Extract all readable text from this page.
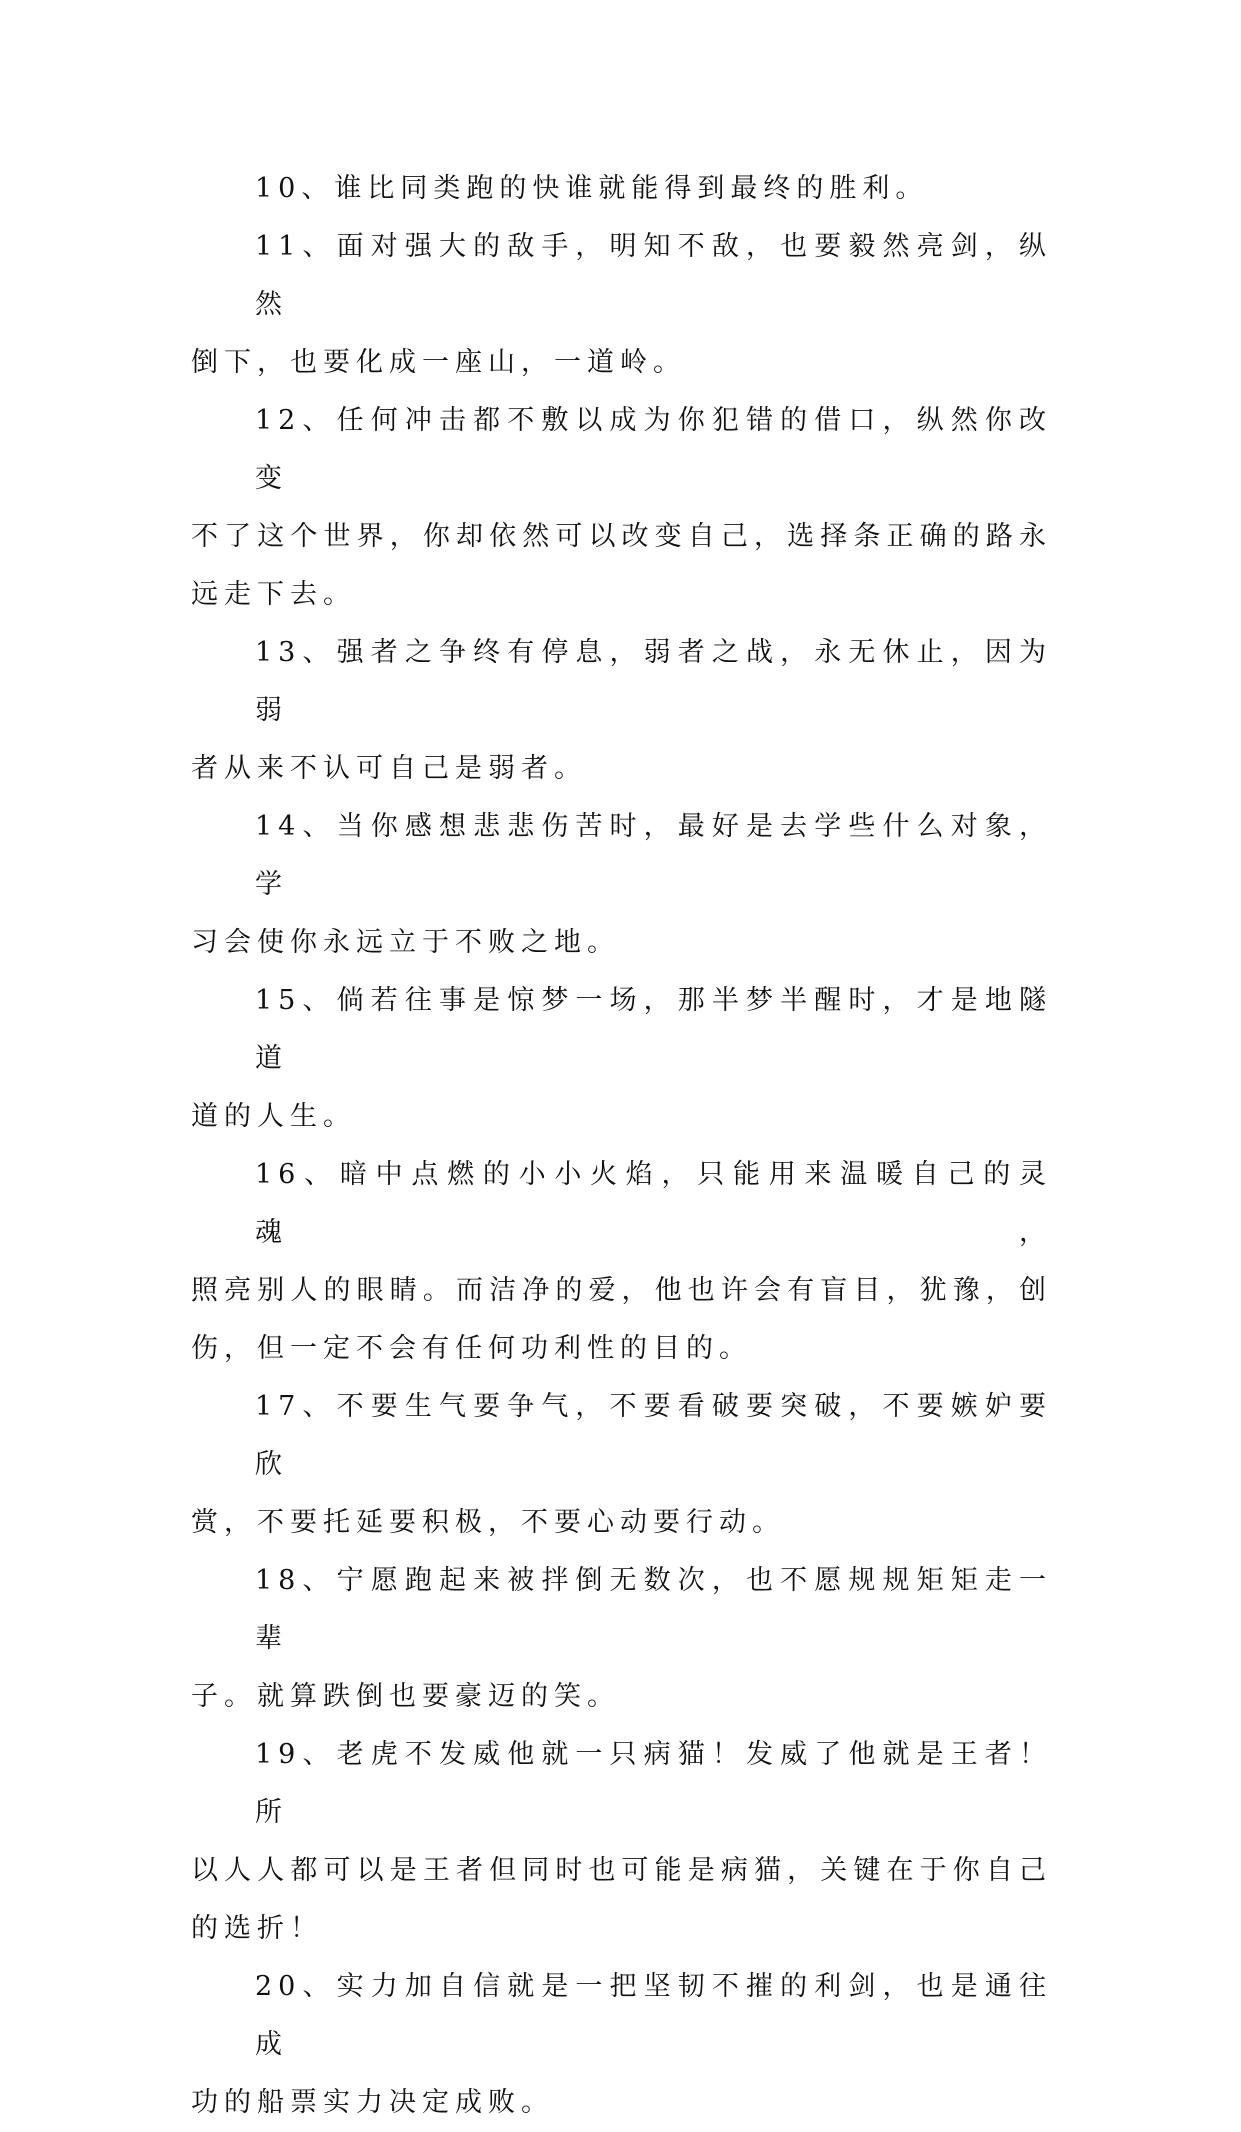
10、谁比同类跑的快谁就能得到最终的胜利。
11、面对强大的敌手，明知不敌，也要毅然亮剑，纵然
倒下，也要化成一座山，一道岭。
12、任何冲击都不敷以成为你犯错的借口，纵然你改变
不了这个世界，你却依然可以改变自己，选择条正确的路永
远走下去。
13、强者之争终有停息，弱者之战，永无休止，因为弱
者从来不认可自己是弱者。
14、当你感想悲悲伤苦时，最好是去学些什么对象，学
习会使你永远立于不败之地。
15、倘若往事是惊梦一场，那半梦半醒时，才是地隧道
道的人生。
16、暗中点燃的小小火焰，只能用来温暖自己的灵魂，
照亮别人的眼睛。而洁净的爱，他也许会有盲目，犹豫，创
伤，但一定不会有任何功利性的目的。
17、不要生气要争气，不要看破要突破，不要嫉妒要欣
赏，不要托延要积极，不要心动要行动。
18、宁愿跑起来被拌倒无数次，也不愿规规矩矩走一辈
子。就算跌倒也要豪迈的笑。
19、老虎不发威他就一只病猫！发威了他就是王者！所
以人人都可以是王者但同时也可能是病猫，关键在于你自己
的选折！
20、实力加自信就是一把坚韧不摧的利剑，也是通往成
功的船票实力决定成败。
